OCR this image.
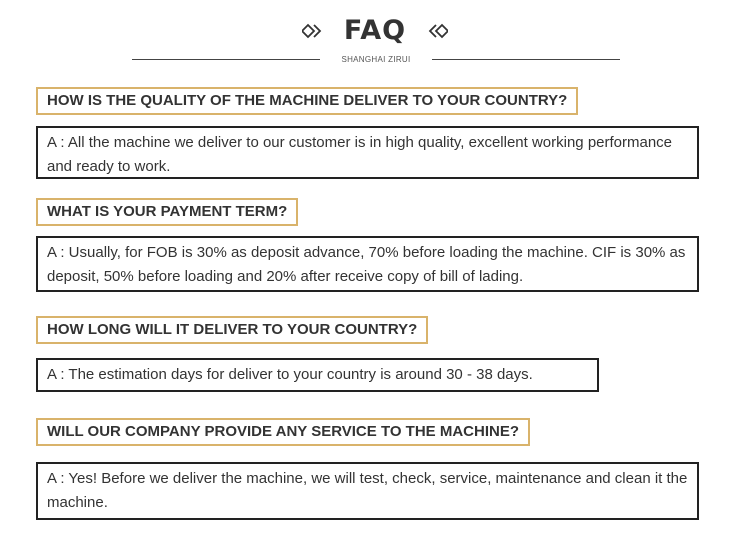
FAQ
SHANGHAI ZIRUI
HOW IS THE QUALITY OF THE MACHINE DELIVER TO YOUR COUNTRY?
A : All the machine we deliver to our customer is in high quality, excellent working performance and ready to work.
WHAT IS YOUR PAYMENT TERM?
A : Usually, for FOB is 30% as deposit advance, 70% before loading the machine. CIF is 30% as deposit, 50% before loading and 20% after receive copy of bill of lading.
HOW LONG WILL IT DELIVER TO YOUR COUNTRY?
A : The estimation days for deliver to your country is around 30 - 38 days.
WILL OUR COMPANY PROVIDE ANY SERVICE TO THE MACHINE?
A : Yes! Before we deliver the machine, we will test, check, service, maintenance and clean it the machine.
